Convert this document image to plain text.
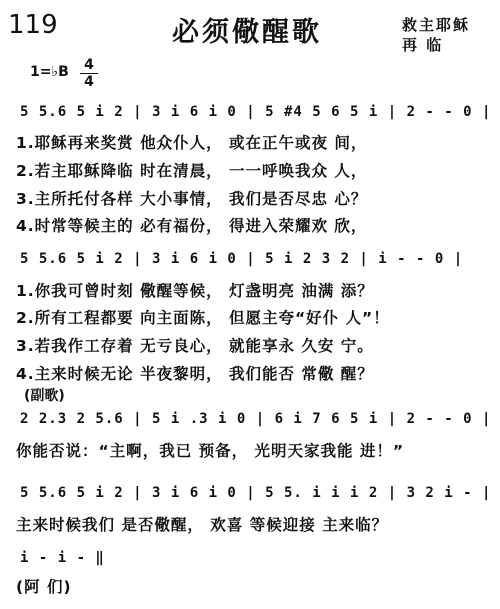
119	必须儆醒歌	救主耶稣
再 临
1=♭B 4
4
5 5.6 5 i 2 | 3 i 6 i 0 | 5 #4 5 6 5 i | 2 - - 0 |
1.耶稣再来奖赏 他众仆人， 或在正午或夜 间，
2.若主耶稣降临 时在清晨， 一一呼唤我众 人，
3.主所托付各样 大小事情， 我们是否尽忠 心？
4.时常等候主的 必有福份， 得进入荣耀欢 欣，
5 5.6 5 i 2 | 3 i 6 i 0 | 5 i 2 3 2 | i - - 0 |
1.你我可曾时刻 儆醒等候， 灯盏明亮 油满 添？
2.所有工程都要 向主面陈， 但愿主夸“好仆 人”！
3.若我作工存着 无亏良心， 就能享永 久安 宁。
4.主来时候无论 半夜黎明， 我们能否 常儆 醒？
(副歌)
2 2.3 2 5.6 | 5 i .3 i 0 | 6 i 7 6 5 i | 2 - - 0 |
你能否说：“主啊，我已 预备， 光明天家我能 进！”
5 5.6 5 i 2 | 3 i 6 i 0 | 5 5. i i i 2 | 3 2 i - |
主来时候我们 是否儆醒， 欢喜 等候迎接 主来临？
i - i - ‖
(阿 们)
